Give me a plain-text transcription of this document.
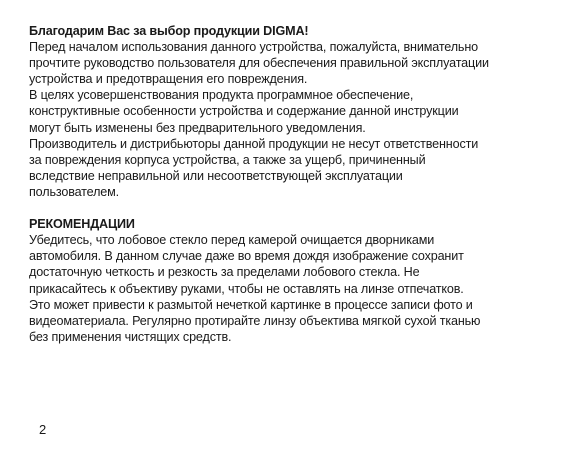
Благодарим Вас за выбор продукции DIGMA!
Перед началом использования данного устройства, пожалуйста, внимательно
прочтите руководство пользователя для обеспечения правильной эксплуатации
устройства и предотвращения его повреждения.
В целях усовершенствования продукта программное обеспечение,
конструктивные особенности устройства и содержание данной инструкции
могут быть изменены без предварительного уведомления.
Производитель и дистрибьюторы данной продукции не несут ответственности
за повреждения корпуса устройства, а также за ущерб, причиненный
вследствие неправильной или несоответствующей эксплуатации
пользователем.
РЕКОМЕНДАЦИИ
Убедитесь, что лобовое стекло перед камерой очищается дворниками
автомобиля. В данном случае даже во время дождя изображение сохранит
достаточную четкость и резкость за пределами лобового стекла. Не
прикасайтесь к объективу руками, чтобы не оставлять на линзе отпечатков.
Это может привести к размытой нечеткой картинке в процессе записи фото и
видеоматериала. Регулярно протирайте линзу объектива мягкой сухой тканью
без применения чистящих средств.
2
